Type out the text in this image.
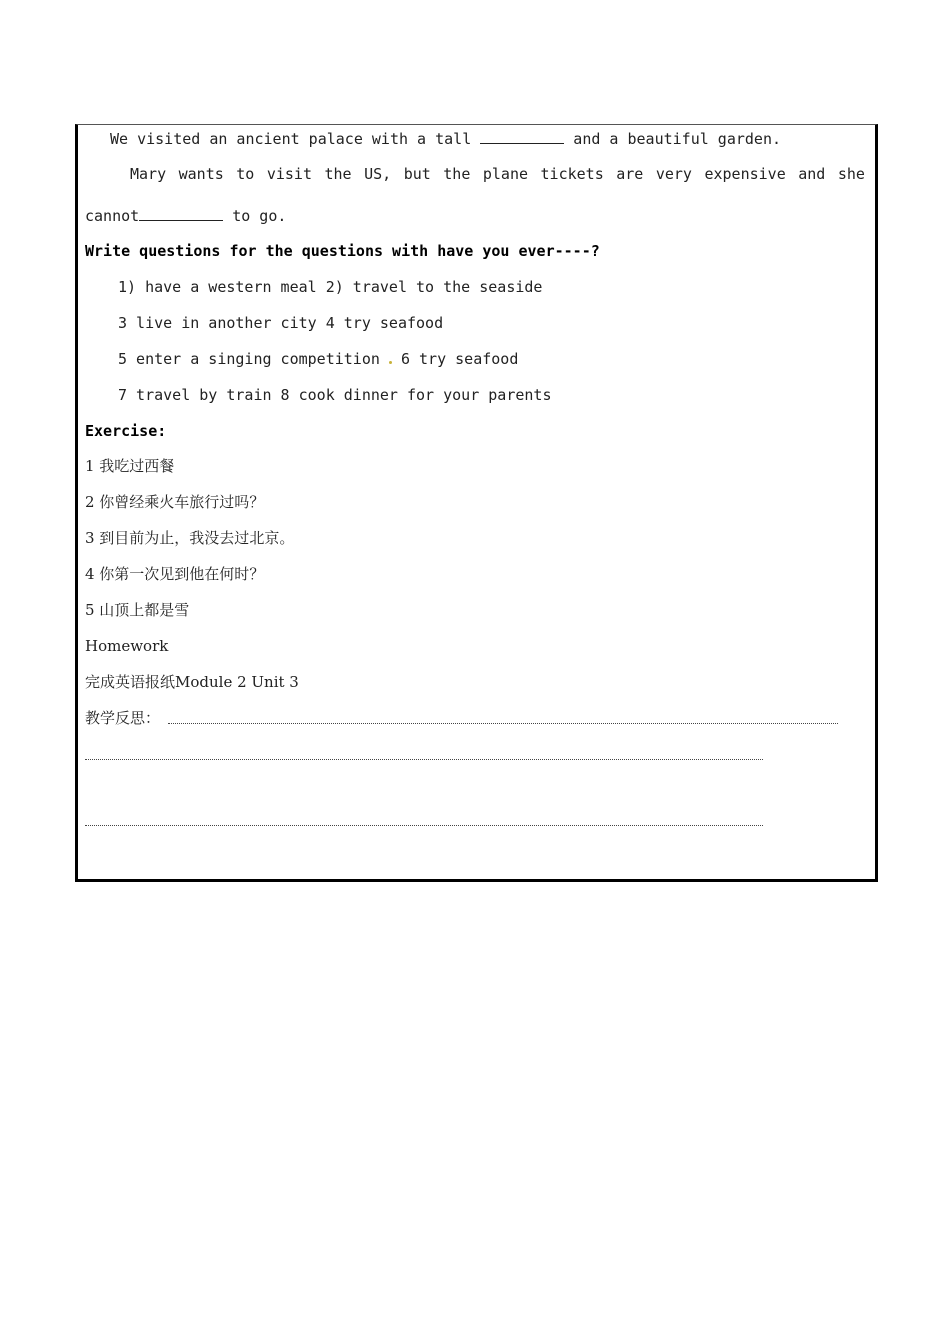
We visited an ancient palace with a tall	and a beautiful garden.
Mary wants to visit the US, but the plane tickets are very expensive and she
cannot	to go.
Write questions for the questions with have you ever----?
1) have a western meal 2) travel to the seaside
3 live in another city 4 try seafood
5 enter a singing competition  6 try seafood
7 travel by train 8 cook dinner for your parents
Exercise:
1 我吃过西餐
2 你曾经乘火车旅行过吗？
3 到目前为止，我没去过北京。
4 你第一次见到他在何时？
5 山顶上都是雪
Homework
完成英语报纸Module 2 Unit 3
教学反思：
